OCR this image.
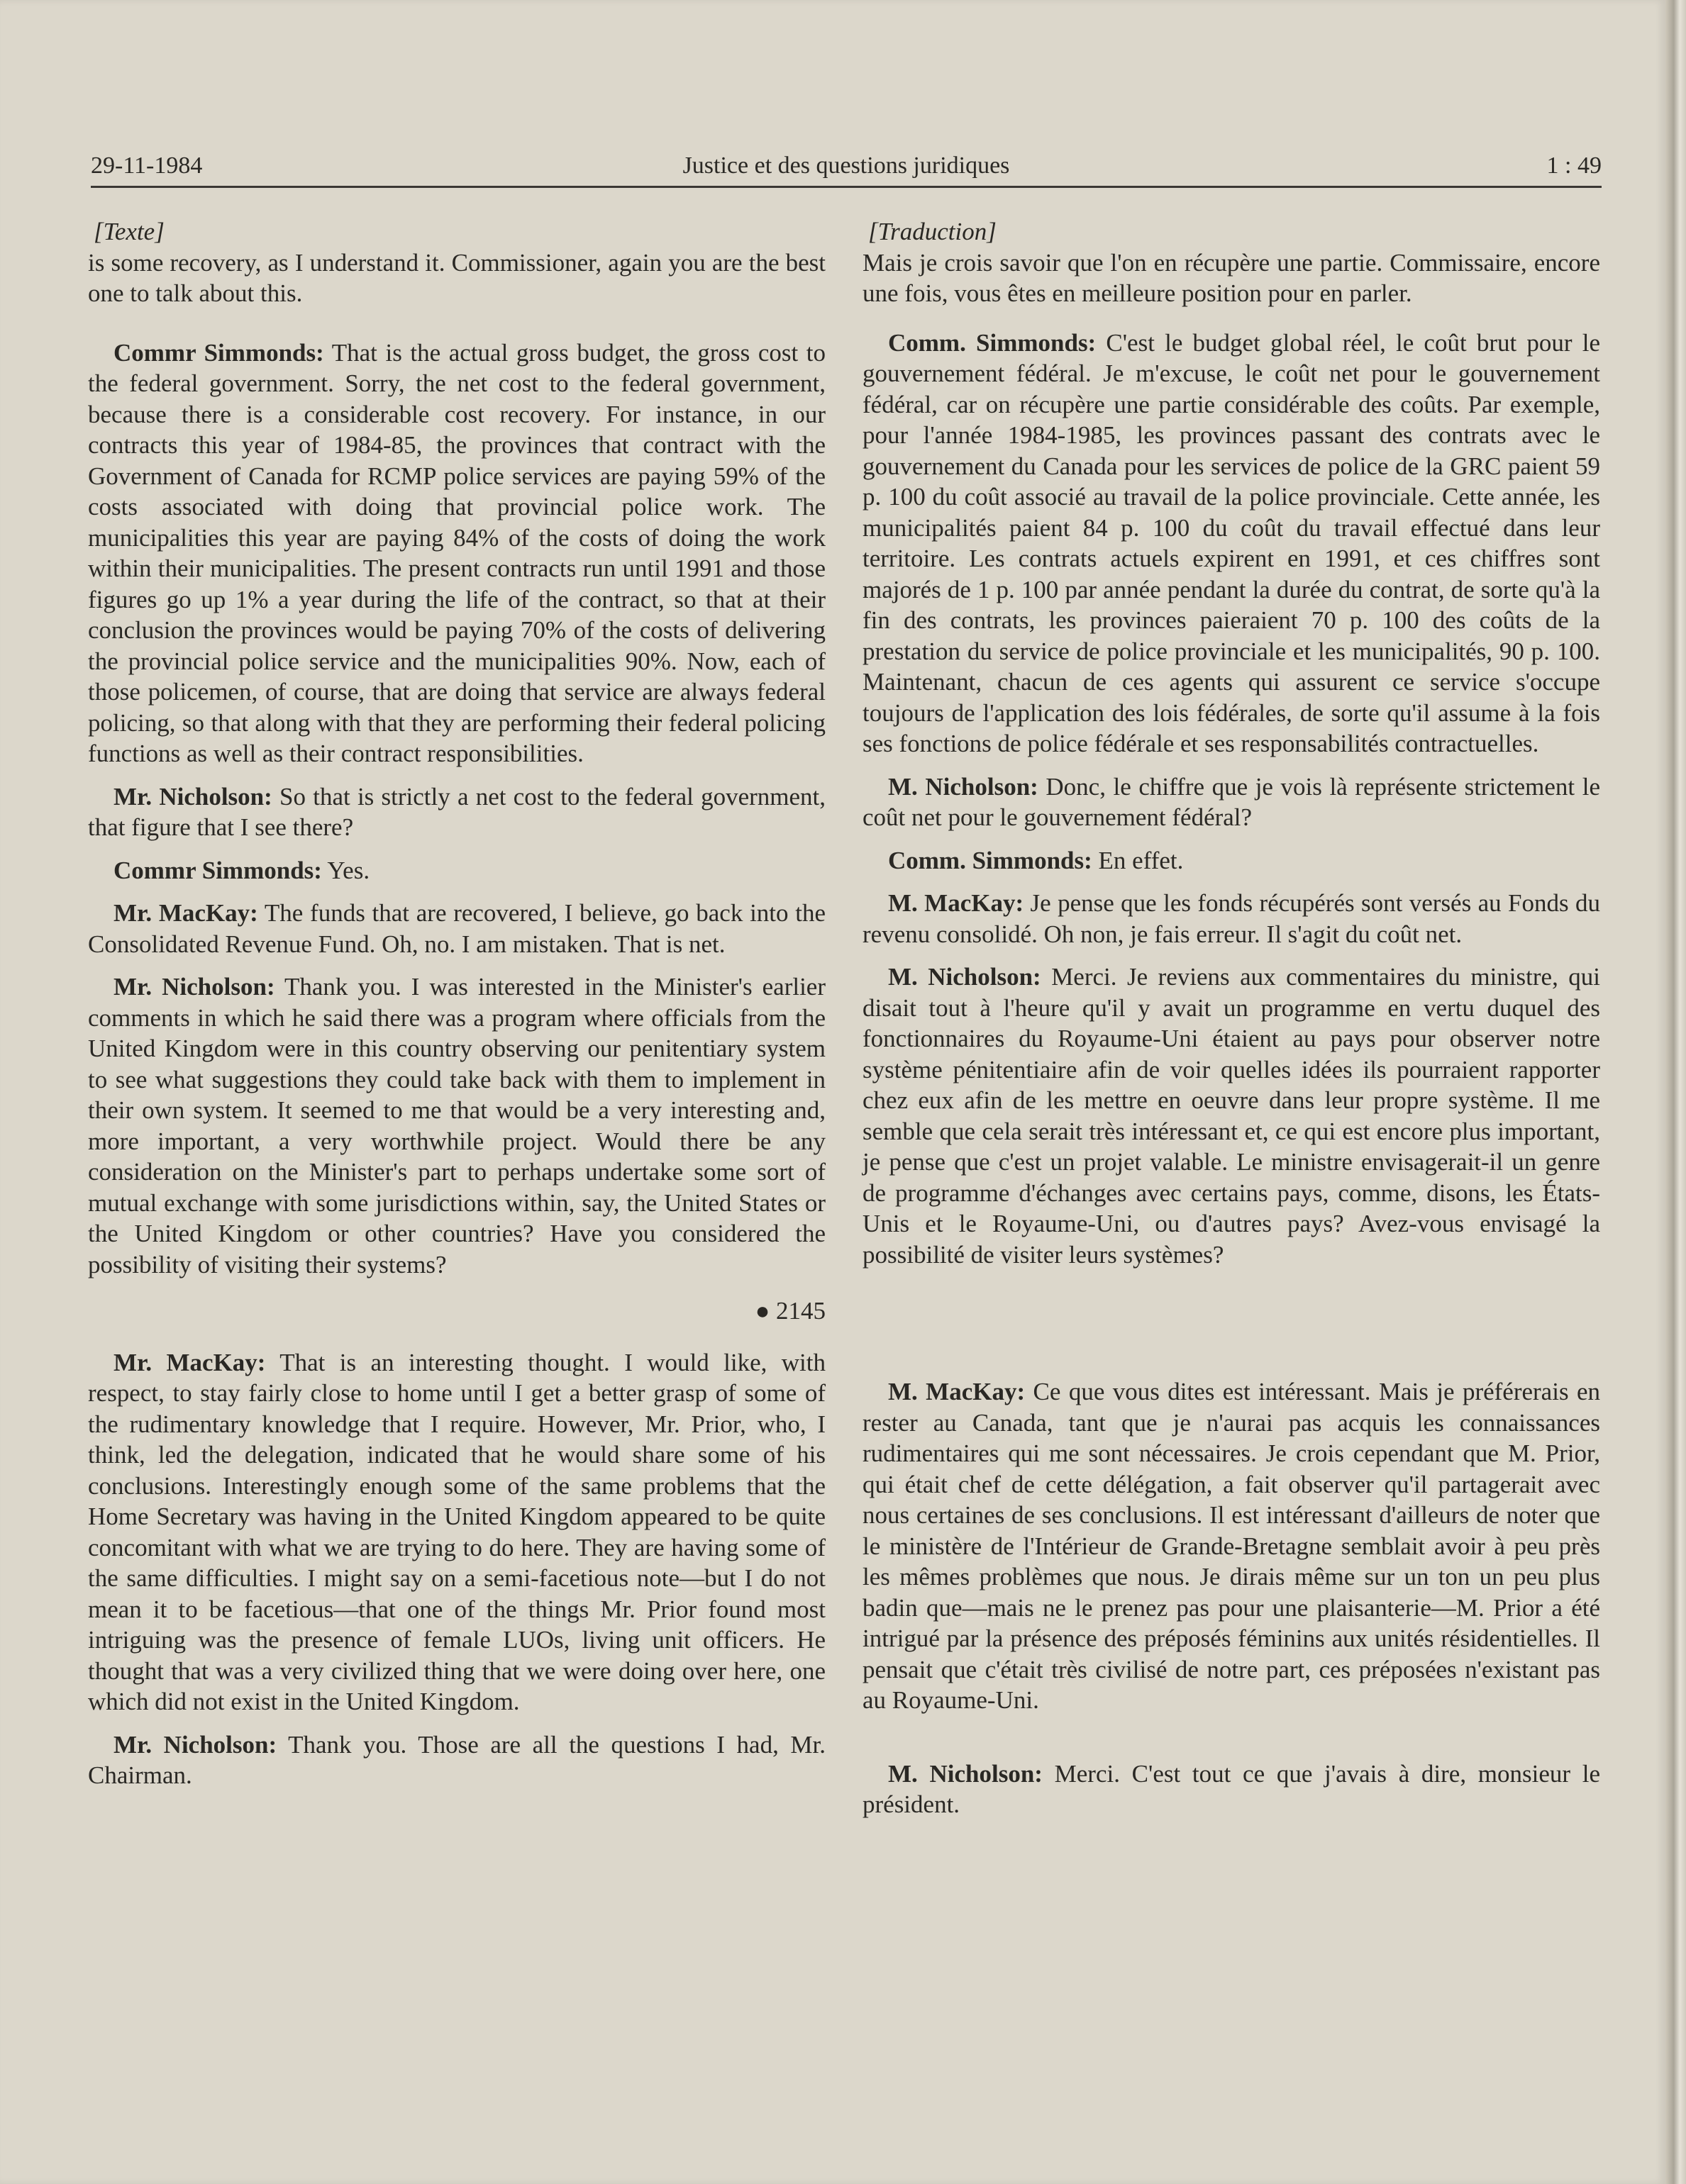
29-11-1984	Justice et des questions juridiques	1 : 49

[Texte]

is some recovery, as I understand it. Commissioner, again you are the best one to talk about this.

Commr Simmonds: That is the actual gross budget, the gross cost to the federal government. Sorry, the net cost to the federal government, because there is a considerable cost recovery. For instance, in our contracts this year of 1984-85, the provinces that contract with the Government of Canada for RCMP police services are paying 59% of the costs associated with doing that provincial police work. The municipalities this year are paying 84% of the costs of doing the work within their municipalities. The present contracts run until 1991 and those figures go up 1% a year during the life of the contract, so that at their conclusion the provinces would be paying 70% of the costs of delivering the provincial police service and the municipalities 90%. Now, each of those policemen, of course, that are doing that service are always federal policing, so that along with that they are performing their federal policing functions as well as their contract responsibilities.

Mr. Nicholson: So that is strictly a net cost to the federal government, that figure that I see there?

Commr Simmonds: Yes.

Mr. MacKay: The funds that are recovered, I believe, go back into the Consolidated Revenue Fund. Oh, no. I am mistaken. That is net.

Mr. Nicholson: Thank you. I was interested in the Minister's earlier comments in which he said there was a program where officials from the United Kingdom were in this country observing our penitentiary system to see what suggestions they could take back with them to implement in their own system. It seemed to me that would be a very interesting and, more important, a very worthwhile project. Would there be any consideration on the Minister's part to perhaps undertake some sort of mutual exchange with some jurisdictions within, say, the United States or the United Kingdom or other countries? Have you considered the possibility of visiting their systems?

● 2145

Mr. MacKay: That is an interesting thought. I would like, with respect, to stay fairly close to home until I get a better grasp of some of the rudimentary knowledge that I require. However, Mr. Prior, who, I think, led the delegation, indicated that he would share some of his conclusions. Interestingly enough some of the same problems that the Home Secretary was having in the United Kingdom appeared to be quite concomitant with what we are trying to do here. They are having some of the same difficulties. I might say on a semi-facetious note—but I do not mean it to be facetious—that one of the things Mr. Prior found most intriguing was the presence of female LUOs, living unit officers. He thought that was a very civilized thing that we were doing over here, one which did not exist in the United Kingdom.

Mr. Nicholson: Thank you. Those are all the questions I had, Mr. Chairman.

[Traduction]

Mais je crois savoir que l'on en récupère une partie. Commissaire, encore une fois, vous êtes en meilleure position pour en parler.

Comm. Simmonds: C'est le budget global réel, le coût brut pour le gouvernement fédéral. Je m'excuse, le coût net pour le gouvernement fédéral, car on récupère une partie considérable des coûts. Par exemple, pour l'année 1984-1985, les provinces passant des contrats avec le gouvernement du Canada pour les services de police de la GRC paient 59 p. 100 du coût associé au travail de la police provinciale. Cette année, les municipalités paient 84 p. 100 du coût du travail effectué dans leur territoire. Les contrats actuels expirent en 1991, et ces chiffres sont majorés de 1 p. 100 par année pendant la durée du contrat, de sorte qu'à la fin des contrats, les provinces paieraient 70 p. 100 des coûts de la prestation du service de police provinciale et les municipalités, 90 p. 100. Maintenant, chacun de ces agents qui assurent ce service s'occupe toujours de l'application des lois fédérales, de sorte qu'il assume à la fois ses fonctions de police fédérale et ses responsabilités contractuelles.

M. Nicholson: Donc, le chiffre que je vois là représente strictement le coût net pour le gouvernement fédéral?

Comm. Simmonds: En effet.

M. MacKay: Je pense que les fonds récupérés sont versés au Fonds du revenu consolidé. Oh non, je fais erreur. Il s'agit du coût net.

M. Nicholson: Merci. Je reviens aux commentaires du ministre, qui disait tout à l'heure qu'il y avait un programme en vertu duquel des fonctionnaires du Royaume-Uni étaient au pays pour observer notre système pénitentiaire afin de voir quelles idées ils pourraient rapporter chez eux afin de les mettre en oeuvre dans leur propre système. Il me semble que cela serait très intéressant et, ce qui est encore plus important, je pense que c'est un projet valable. Le ministre envisagerait-il un genre de programme d'échanges avec certains pays, comme, disons, les États-Unis et le Royaume-Uni, ou d'autres pays? Avez-vous envisagé la possibilité de visiter leurs systèmes?

M. MacKay: Ce que vous dites est intéressant. Mais je préférerais en rester au Canada, tant que je n'aurai pas acquis les connaissances rudimentaires qui me sont nécessaires. Je crois cependant que M. Prior, qui était chef de cette délégation, a fait observer qu'il partagerait avec nous certaines de ses conclusions. Il est intéressant d'ailleurs de noter que le ministère de l'Intérieur de Grande-Bretagne semblait avoir à peu près les mêmes problèmes que nous. Je dirais même sur un ton un peu plus badin que—mais ne le prenez pas pour une plaisanterie—M. Prior a été intrigué par la présence des préposés féminins aux unités résidentielles. Il pensait que c'était très civilisé de notre part, ces préposées n'existant pas au Royaume-Uni.

M. Nicholson: Merci. C'est tout ce que j'avais à dire, monsieur le président.
